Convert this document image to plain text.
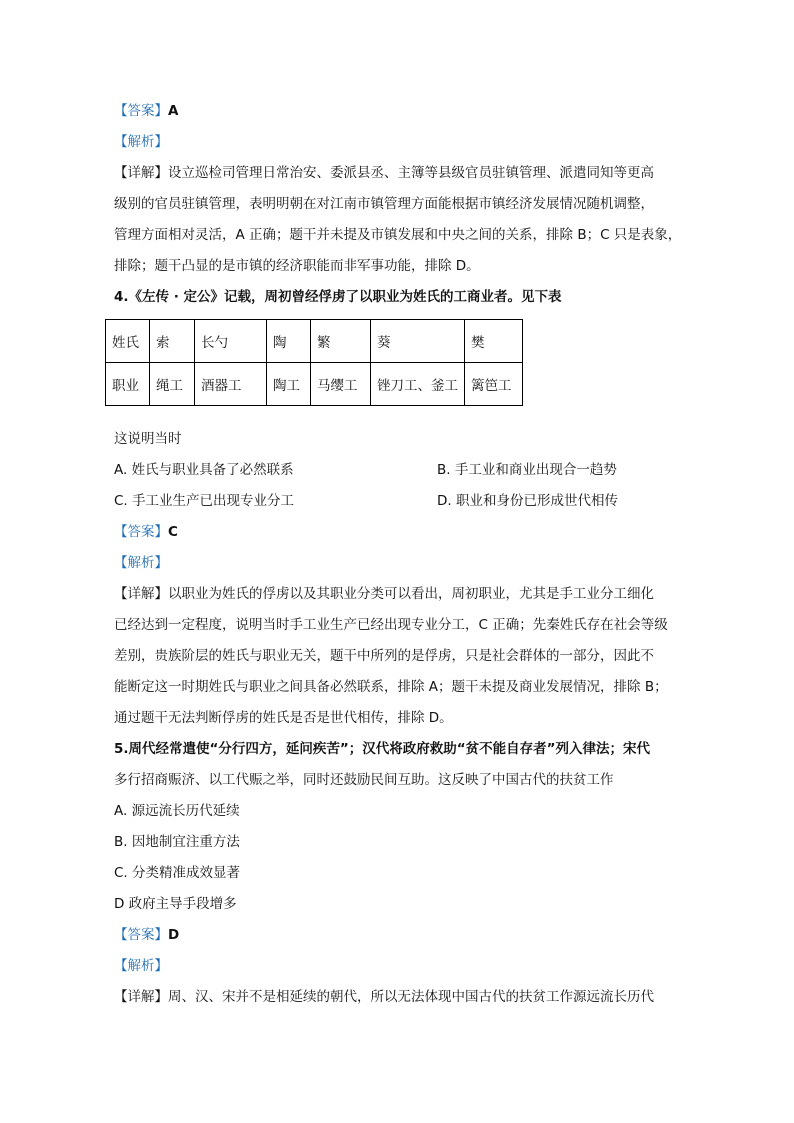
【答案】A
【解析】
【详解】设立巡检司管理日常治安、委派县丞、主簿等县级官员驻镇管理、派遣同知等更高
级别的官员驻镇管理，表明明朝在对江南市镇管理方面能根据市镇经济发展情况随机调整，
管理方面相对灵活，A 正确；题干并未提及市镇发展和中央之间的关系，排除 B；C 只是表象，
排除；题干凸显的是市镇的经济职能而非军事功能，排除 D。
4.《左传 · 定公》记载，周初曾经俘虏了以职业为姓氏的工商业者。见下表
姓氏	索	长勺	陶	繁	葵	樊
职业	绳工	酒器工	陶工	马缨工	锉刀工、釜工	篱笆工
这说明当时
A. 姓氏与职业具备了必然联系	B. 手工业和商业出现合一趋势
C. 手工业生产已出现专业分工	D. 职业和身份已形成世代相传
【答案】C
【解析】
【详解】以职业为姓氏的俘虏以及其职业分类可以看出，周初职业，尤其是手工业分工细化
已经达到一定程度，说明当时手工业生产已经出现专业分工，C 正确；先秦姓氏存在社会等级
差别，贵族阶层的姓氏与职业无关，题干中所列的是俘虏，只是社会群体的一部分，因此不
能断定这一时期姓氏与职业之间具备必然联系，排除 A；题干未提及商业发展情况，排除 B；
通过题干无法判断俘虏的姓氏是否是世代相传，排除 D。
5.周代经常遣使“分行四方，延问疾苦”；汉代将政府救助“贫不能自存者”列入律法；宋代
多行招商赈济、以工代赈之举，同时还鼓励民间互助。这反映了中国古代的扶贫工作
A. 源远流长历代延续
B. 因地制宜注重方法
C. 分类精准成效显著
D 政府主导手段增多
【答案】D
【解析】
【详解】周、汉、宋并不是相延续的朝代，所以无法体现中国古代的扶贫工作源远流长历代
